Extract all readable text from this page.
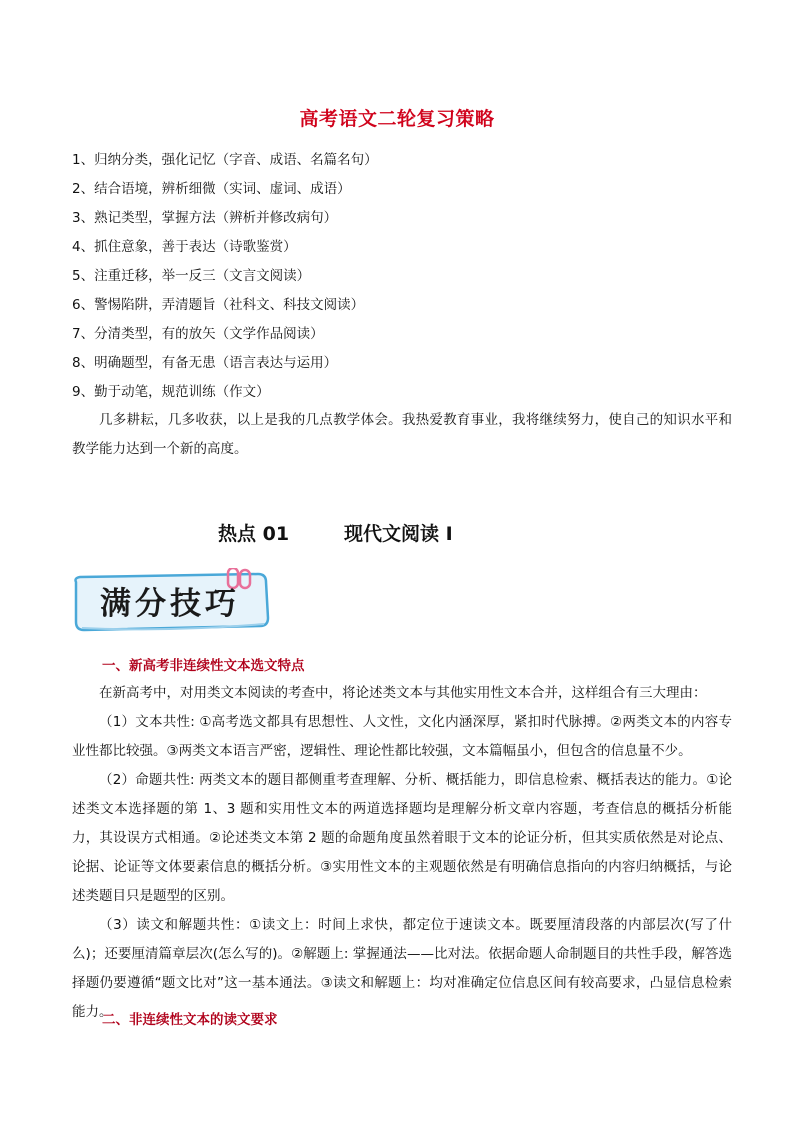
高考语文二轮复习策略
1、归纳分类，强化记忆（字音、成语、名篇名句）
2、结合语境，辨析细微（实词、虚词、成语）
3、熟记类型，掌握方法（辨析并修改病句）
4、抓住意象，善于表达（诗歌鉴赏）
5、注重迁移，举一反三（文言文阅读）
6、警惕陷阱，弄清题旨（社科文、科技文阅读）
7、分清类型，有的放矢（文学作品阅读）
8、明确题型，有备无患（语言表达与运用）
9、勤于动笔，规范训练（作文）
几多耕耘，几多收获，以上是我的几点教学体会。我热爱教育事业，我将继续努力，使自己的知识水平和教学能力达到一个新的高度。
热点 01	现代文阅读 I
满分技巧
一、新高考非连续性文本选文特点

在新高考中，对用类文本阅读的考查中，将论述类文本与其他实用性文本合并，这样组合有三大理由：

（1）文本共性: ①高考选文都具有思想性、人文性，文化内涵深厚，紧扣时代脉搏。②两类文本的内容专业性都比较强。③两类文本语言严密，逻辑性、理论性都比较强，文本篇幅虽小，但包含的信息量不少。

（2）命题共性: 两类文本的题目都侧重考查理解、分析、概括能力，即信息检索、概括表达的能力。①论述类文本选择题的第 1、3 题和实用性文本的两道选择题均是理解分析文章内容题，考查信息的概括分析能力，其设误方式相通。②论述类文本第 2 题的命题角度虽然着眼于文本的论证分析，但其实质依然是对论点、论据、论证等文体要素信息的概括分析。③实用性文本的主观题依然是有明确信息指向的内容归纳概括，与论述类题目只是题型的区别。

（3）读文和解题共性：①读文上：时间上求快，都定位于速读文本。既要厘清段落的内部层次(写了什么)；还要厘清篇章层次(怎么写的)。②解题上: 掌握通法——比对法。依据命题人命制题目的共性手段，解答选择题仍要遵循“题文比对”这一基本通法。③读文和解题上：均对准确定位信息区间有较高要求，凸显信息检索能力。

二、非连续性文本的读文要求
